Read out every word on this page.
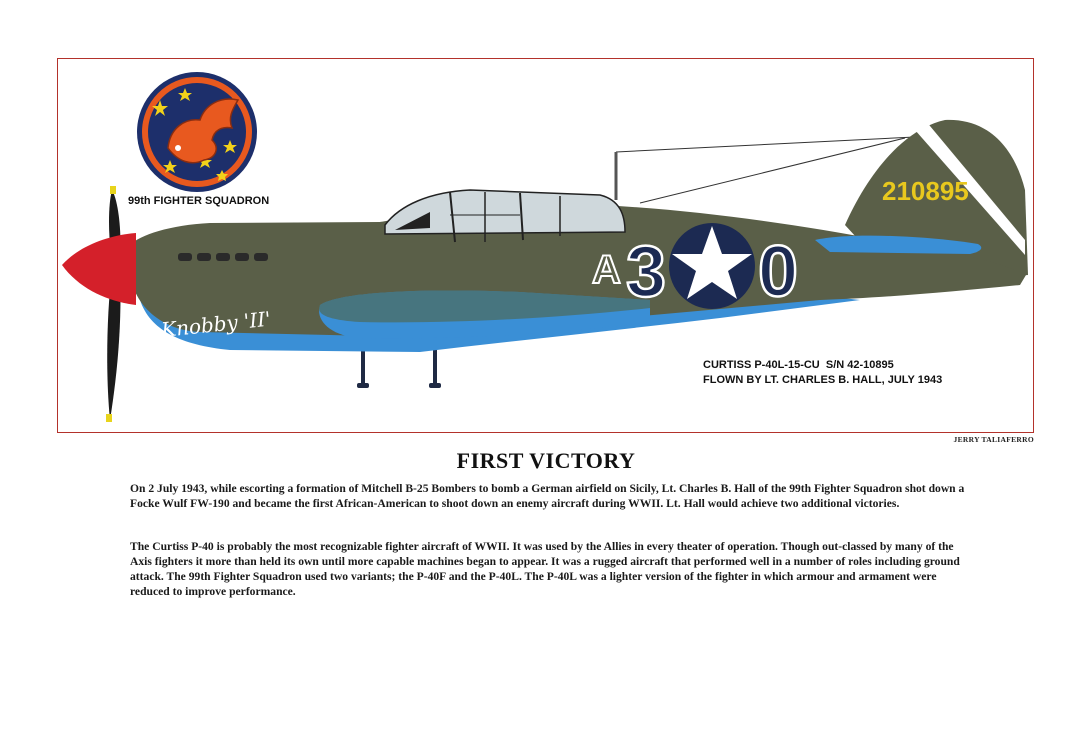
A 3 0
210895
Knobby 'II'
99th FIGHTER SQUADRON
CURTISS P-40L-15-CU  S/N 42-10895
FLOWN BY LT. CHARLES B. HALL, JULY 1943
JERRY TALIAFERRO
FIRST VICTORY
On 2 July 1943, while escorting a formation of Mitchell B-25 Bombers to bomb a German airfield on Sicily, Lt. Charles B. Hall of the 99th Fighter Squadron shot down a Focke Wulf FW-190 and became the first African-American to shoot down an enemy aircraft during WWII. Lt. Hall would achieve two additional victories.
The Curtiss P-40 is probably the most recognizable fighter aircraft of WWII. It was used by the Allies in every theater of operation. Though out-classed by many of the Axis fighters it more than held its own until more capable machines began to appear. It was a rugged aircraft that performed well in a number of roles including ground attack. The 99th Fighter Squadron used two variants; the P-40F and the P-40L. The P-40L was a lighter version of the fighter in which armour and armament were reduced to improve performance.
